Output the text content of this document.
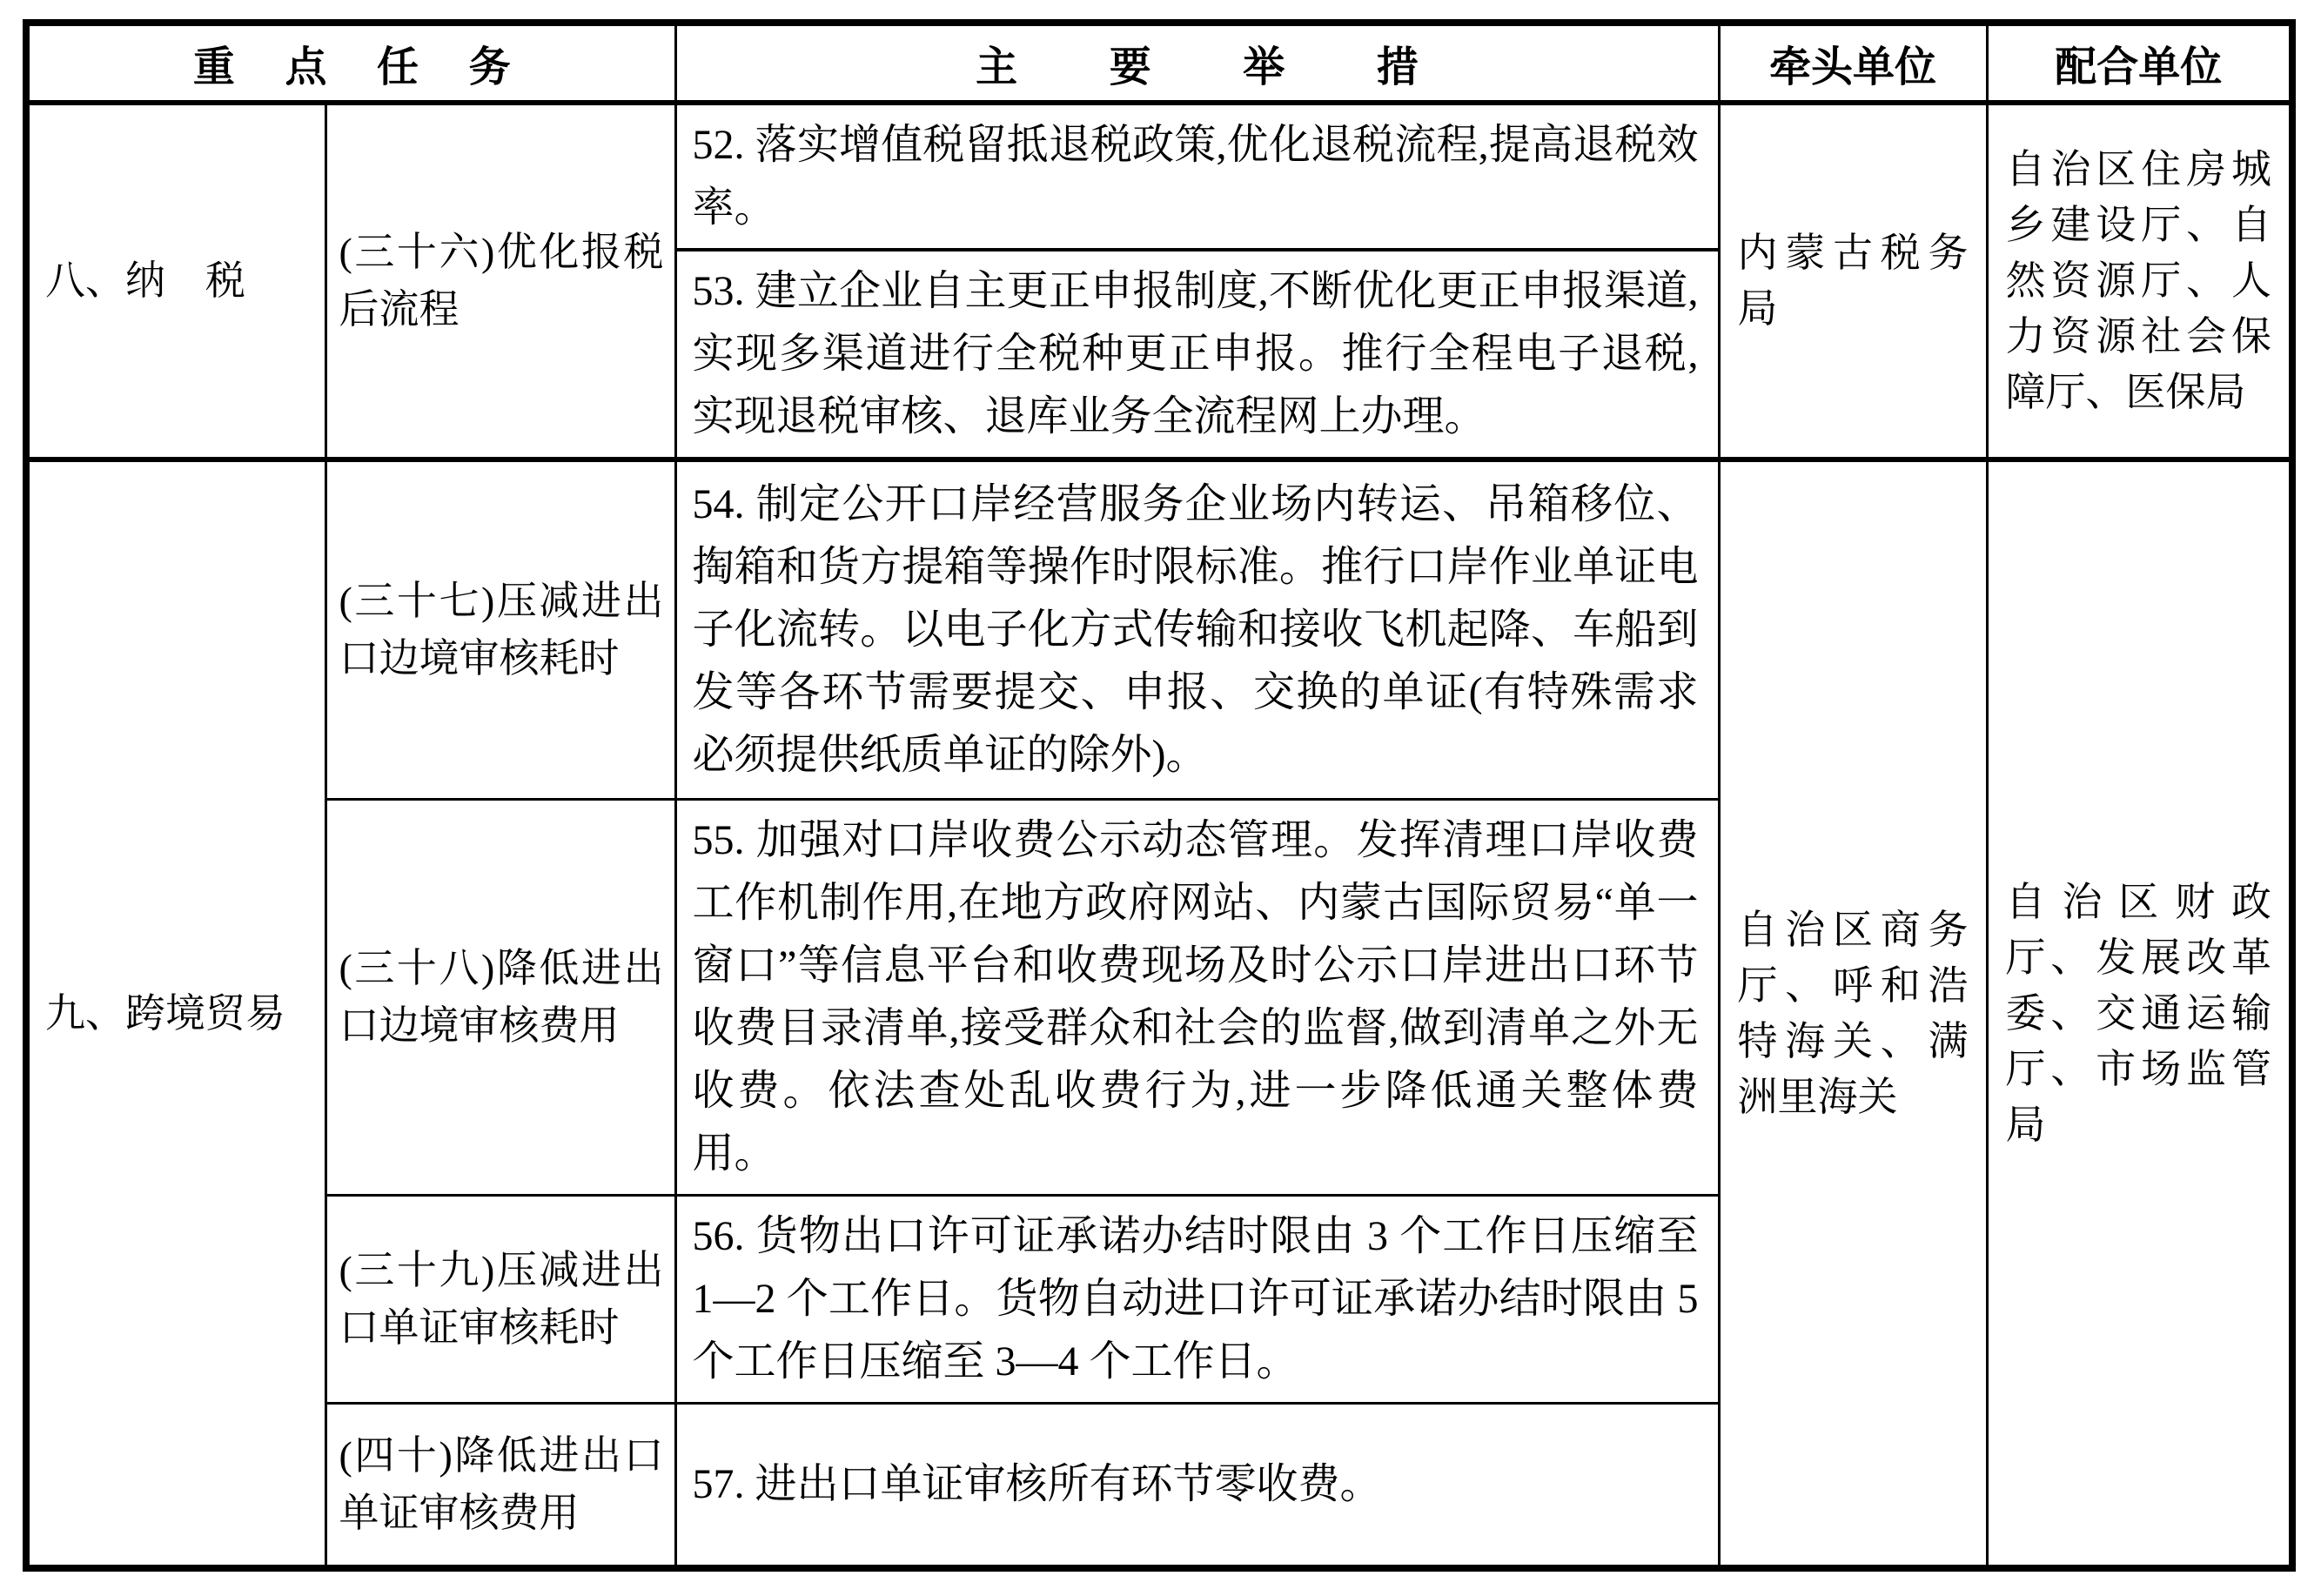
重点任务		主要举措	牵头单位	配合单位
八、纳　税	(三十六)优化报税后流程	52. 落实增值税留抵退税政策,优化退税流程,提高退税效率。	内蒙古税务局	自治区住房城乡建设厅、自然资源厅、人力资源社会保障厅、医保局
		53. 建立企业自主更正申报制度,不断优化更正申报渠道,实现多渠道进行全税种更正申报。推行全程电子退税,实现退税审核、退库业务全流程网上办理。		
九、跨境贸易	(三十七)压减进出口边境审核耗时	54. 制定公开口岸经营服务企业场内转运、吊箱移位、掏箱和货方提箱等操作时限标准。推行口岸作业单证电子化流转。以电子化方式传输和接收飞机起降、车船到发等各环节需要提交、申报、交换的单证(有特殊需求必须提供纸质单证的除外)。	自治区商务厅、呼和浩特海关、满洲里海关	自治区财政厅、发展改革委、交通运输厅、市场监管局
	(三十八)降低进出口边境审核费用	55. 加强对口岸收费公示动态管理。发挥清理口岸收费工作机制作用,在地方政府网站、内蒙古国际贸易“单一窗口”等信息平台和收费现场及时公示口岸进出口环节收费目录清单,接受群众和社会的监督,做到清单之外无收费。依法查处乱收费行为,进一步降低通关整体费用。		
	(三十九)压减进出口单证审核耗时	56. 货物出口许可证承诺办结时限由 3 个工作日压缩至 1—2 个工作日。货物自动进口许可证承诺办结时限由 5 个工作日压缩至 3—4 个工作日。		
	(四十)降低进出口单证审核费用	57. 进出口单证审核所有环节零收费。		
